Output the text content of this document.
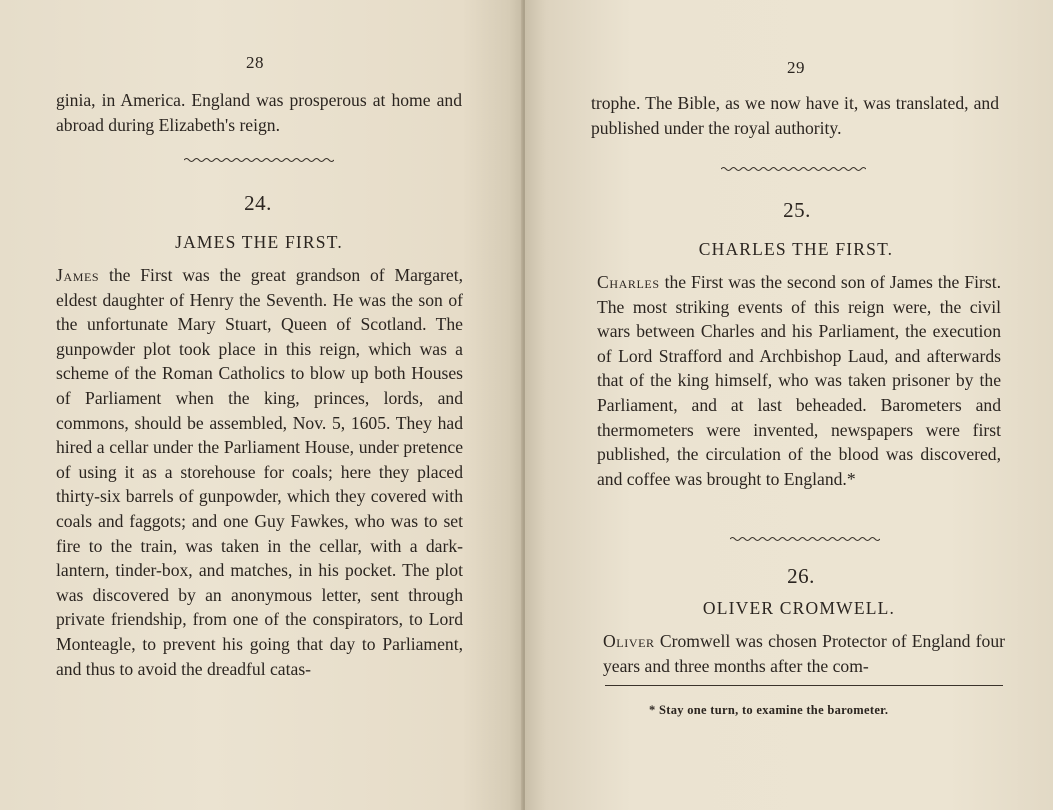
28

ginia, in America. England was prosperous at home and abroad during Elizabeth's reign.

24.
JAMES THE FIRST.

James the First was the great grandson of Margaret, eldest daughter of Henry the Seventh. He was the son of the unfortunate Mary Stuart, Queen of Scotland. The gunpowder plot took place in this reign, which was a scheme of the Roman Catholics to blow up both Houses of Parliament when the king, princes, lords, and commons, should be assembled, Nov. 5, 1605. They had hired a cellar under the Parliament House, under pretence of using it as a storehouse for coals; here they placed thirty-six barrels of gunpowder, which they covered with coals and faggots; and one Guy Fawkes, who was to set fire to the train, was taken in the cellar, with a dark-lantern, tinder-box, and matches, in his pocket. The plot was discovered by an anonymous letter, sent through private friendship, from one of the conspirators, to Lord Monteagle, to prevent his going that day to Parliament, and thus to avoid the dreadful catas-

29

trophe. The Bible, as we now have it, was translated, and published under the royal authority.

25.
CHARLES THE FIRST.

Charles the First was the second son of James the First. The most striking events of this reign were, the civil wars between Charles and his Parliament, the execution of Lord Strafford and Archbishop Laud, and afterwards that of the king himself, who was taken prisoner by the Parliament, and at last beheaded. Barometers and thermometers were invented, newspapers were first published, the circulation of the blood was discovered, and coffee was brought to England.*

26.
OLIVER CROMWELL.

Oliver Cromwell was chosen Protector of England four years and three months after the com-

* Stay one turn, to examine the barometer.
